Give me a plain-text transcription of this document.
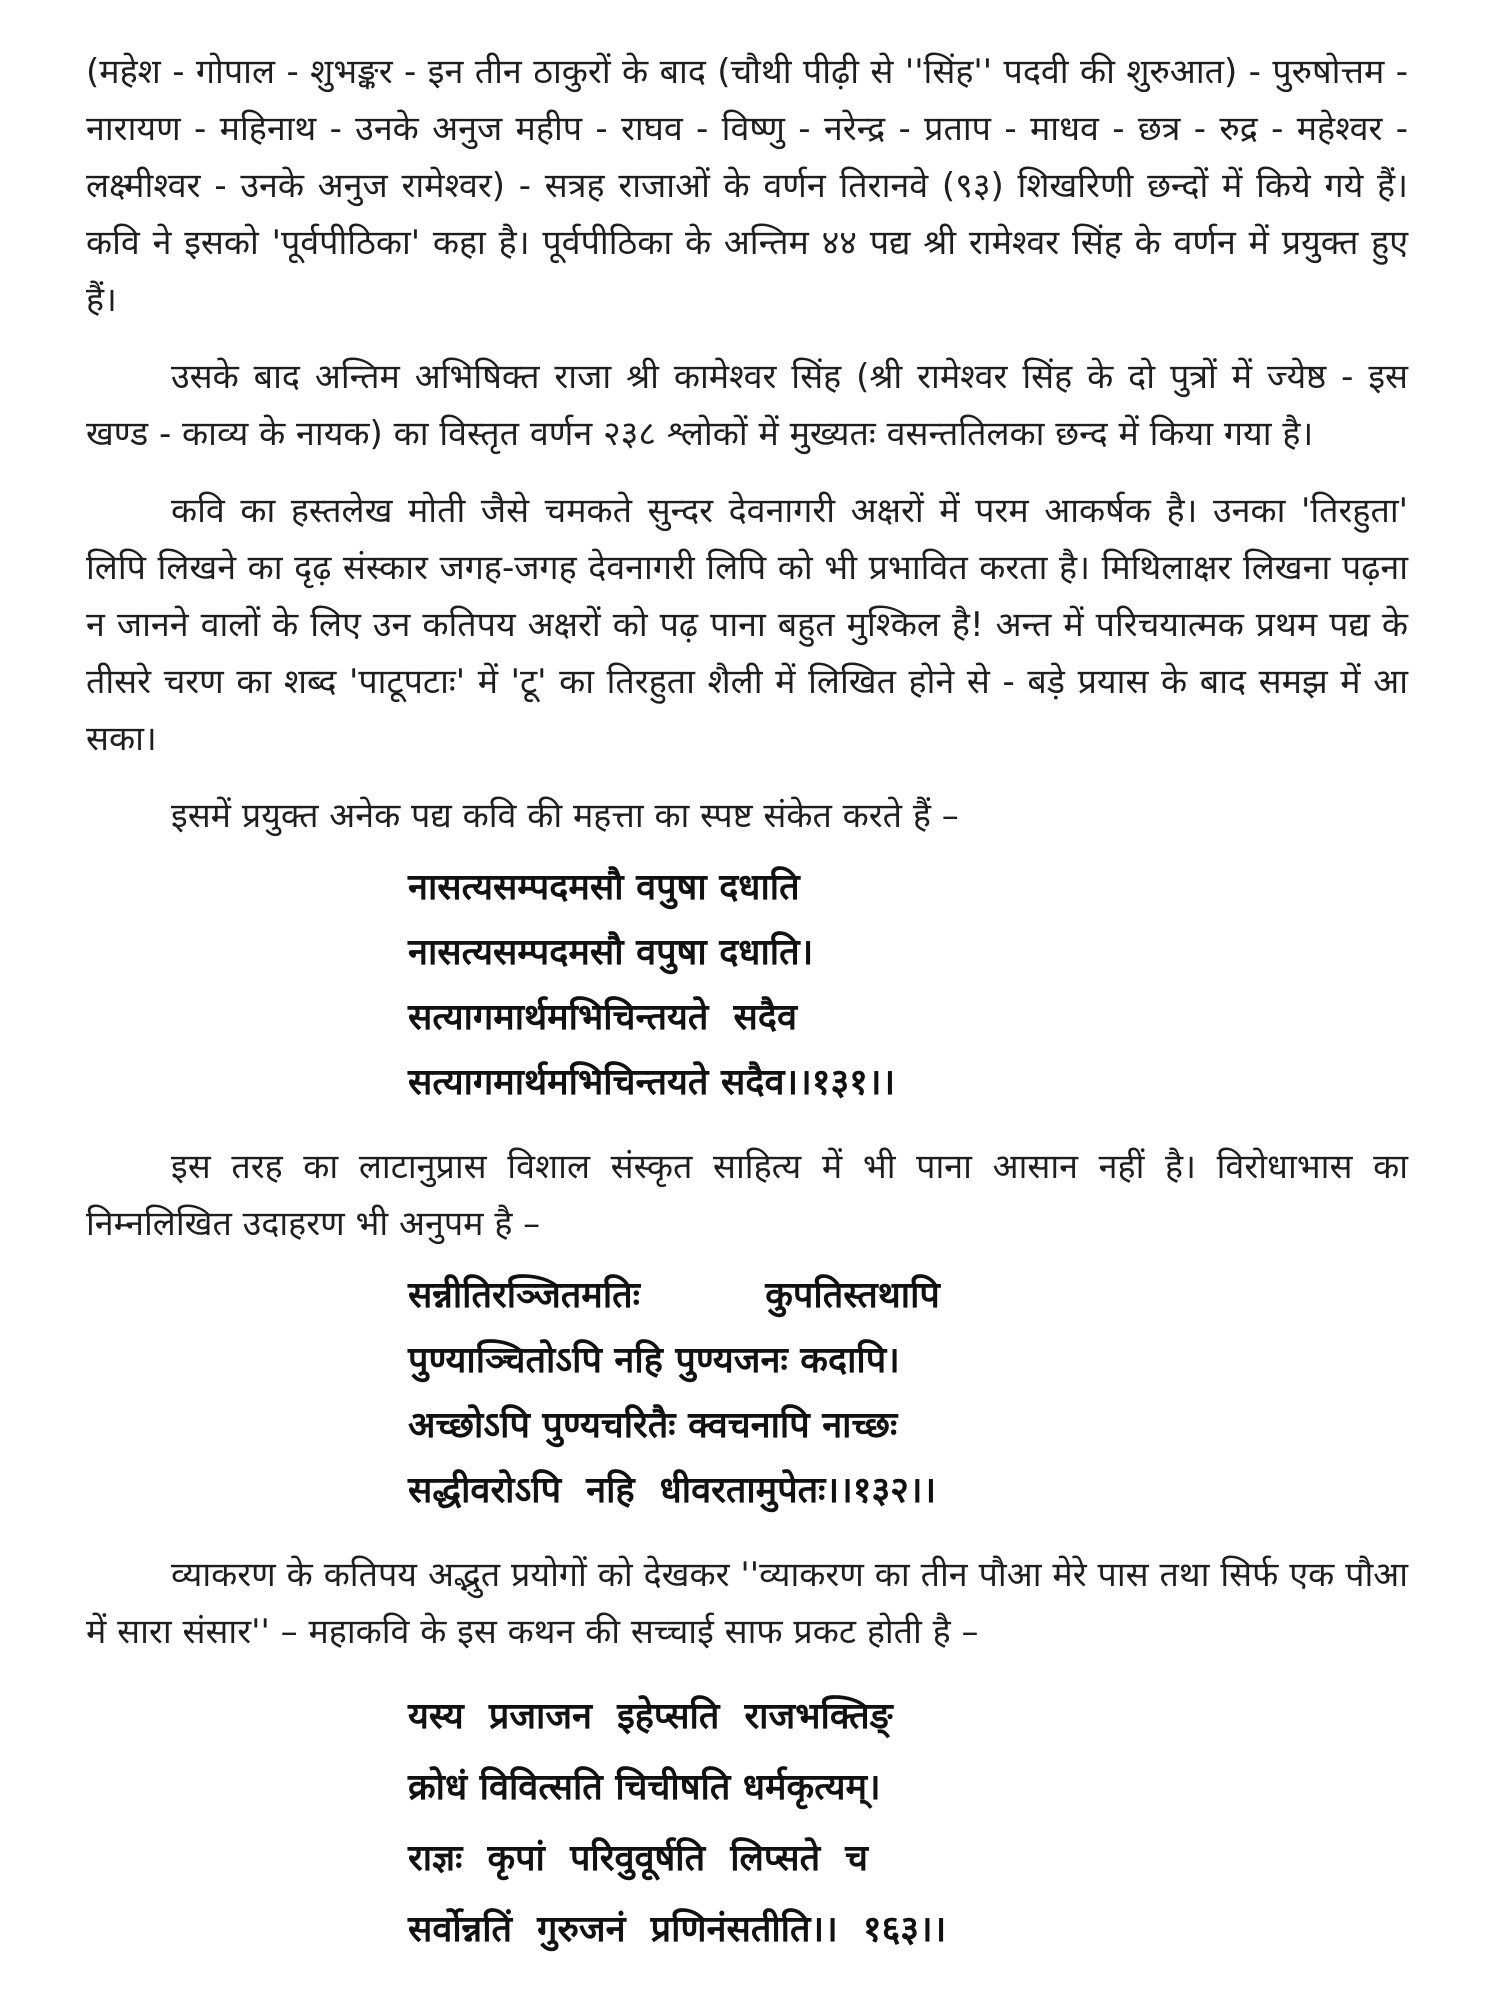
(महेश - गोपाल - शुभङ्कर - इन तीन ठाकुरों के बाद (चौथी पीढ़ी से ''सिंह'' पदवी की शुरुआत) - पुरुषोत्तम - नारायण - महिनाथ - उनके अनुज महीप - राघव - विष्णु - नरेन्द्र - प्रताप - माधव - छत्र - रुद्र - महेश्वर - लक्ष्मीश्वर - उनके अनुज रामेश्वर) - सत्रह राजाओं के वर्णन तिरानवे (९३) शिखरिणी छन्दों में किये गये हैं। कवि ने इसको 'पूर्वपीठिका' कहा है। पूर्वपीठिका के अन्तिम ४४ पद्य श्री रामेश्वर सिंह के वर्णन में प्रयुक्त हुए हैं।

उसके बाद अन्तिम अभिषिक्त राजा श्री कामेश्वर सिंह (श्री रामेश्वर सिंह के दो पुत्रों में ज्येष्ठ - इस खण्ड - काव्य के नायक) का विस्तृत वर्णन २३८ श्लोकों में मुख्यतः वसन्ततिलका छन्द में किया गया है।

कवि का हस्तलेख मोती जैसे चमकते सुन्दर देवनागरी अक्षरों में परम आकर्षक है। उनका 'तिरहुता' लिपि लिखने का दृढ़ संस्कार जगह-जगह देवनागरी लिपि को भी प्रभावित करता है। मिथिलाक्षर लिखना पढ़ना न जानने वालों के लिए उन कतिपय अक्षरों को पढ़ पाना बहुत मुश्किल है! अन्त में परिचयात्मक प्रथम पद्य के तीसरे चरण का शब्द 'पाटूपटाः' में 'टू' का तिरहुता शैली में लिखित होने से - बड़े प्रयास के बाद समझ में आ सका।

इसमें प्रयुक्त अनेक पद्य कवि की महत्ता का स्पष्ट संकेत करते हैं –

नासत्यसम्पदमसौ वपुषा दधाति
नासत्यसम्पदमसौ वपुषा दधाति।
सत्यागमार्थमभिचिन्तयते  सदैव
सत्यागमार्थमभिचिन्तयते सदैव।।१३१।।

इस तरह का लाटानुप्रास विशाल संस्कृत साहित्य में भी पाना आसान नहीं है। विरोधाभास का निम्नलिखित उदाहरण भी अनुपम है –

सन्नीतिरञ्जितमतिः          कुपतिस्तथापि
पुण्याञ्चितोऽपि नहि पुण्यजनः कदापि।
अच्छोऽपि पुण्यचरितैः क्वचनापि नाच्छः
सद्धीवरोऽपि  नहि  धीवरतामुपेतः।।१३२।।

व्याकरण के कतिपय अद्भुत प्रयोगों को देखकर ''व्याकरण का तीन पौआ मेरे पास तथा सिर्फ एक पौआ में सारा संसार'' – महाकवि के इस कथन की सच्चाई साफ प्रकट होती है –

यस्य  प्रजाजन  इहेप्सति  राजभक्तिङ्
क्रोधं विवित्सति चिचीषति धर्मकृत्यम्।
राज्ञः  कृपां  परिवुवूर्षति  लिप्सते  च
सर्वोन्नतिं  गुरुजनं  प्रणिनंसतीति।।  १६३।।
